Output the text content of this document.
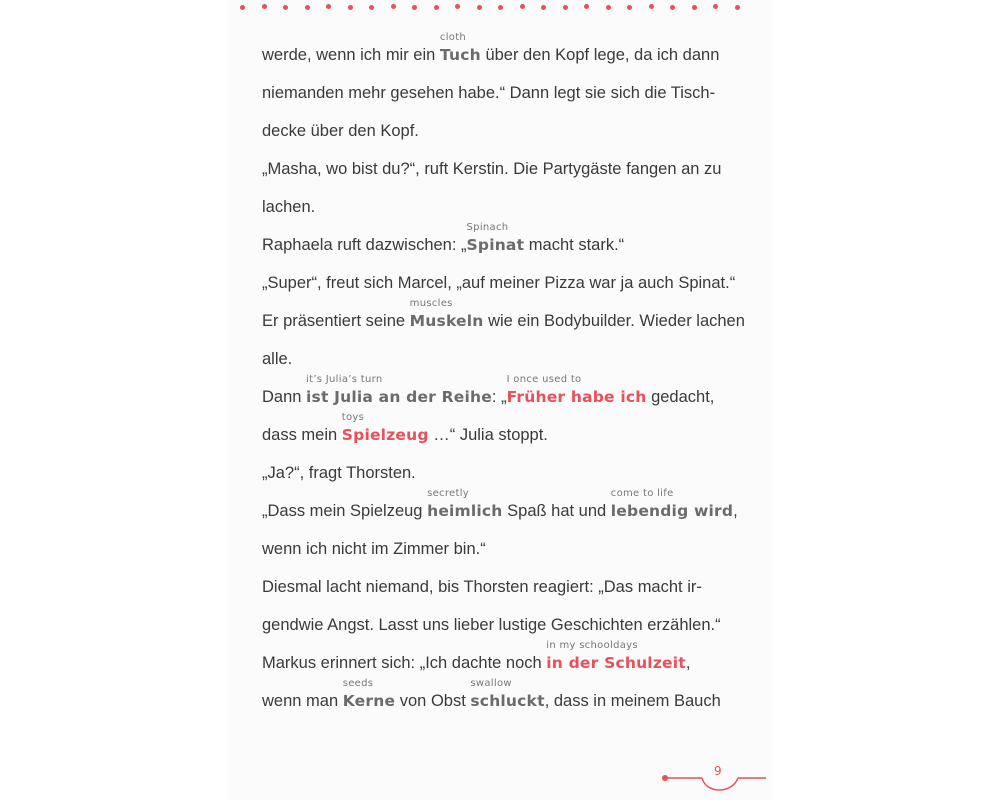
werde, wenn ich mir ein Tuch
cloth
über den Kopf lege, da ich dann
niemanden mehr gesehen habe.“ Dann legt sie sich die Tisch-
decke über den Kopf.
„Masha, wo bist du?“, ruft Kerstin. Die Partygäste fangen an zu
lachen.
Raphaela ruft dazwischen: „Spinat
Spinach
macht stark.“
„Super“, freut sich Marcel, „auf meiner Pizza war ja auch Spinat.“
Er präsentiert seine Muskeln
muscles
wie ein Bodybuilder. Wieder lachen
alle.
Dann ist Julia an der Reihe
it’s Julia’s turn
: „Früher habe ich
I once used to
gedacht,
dass mein Spielzeug
toys
…“ Julia stoppt.
„Ja?“, fragt Thorsten.
„Dass mein Spielzeug heimlich
secretly
Spaß hat und lebendig wird
come to life
,
wenn ich nicht im Zimmer bin.“
Diesmal lacht niemand, bis Thorsten reagiert: „Das macht ir-
gendwie Angst. Lasst uns lieber lustige Geschichten erzählen.“
Markus erinnert sich: „Ich dachte noch in der Schulzeit
in my schooldays
,
wenn man Kerne
seeds
von Obst schluckt
swallow
, dass in meinem Bauch
9
